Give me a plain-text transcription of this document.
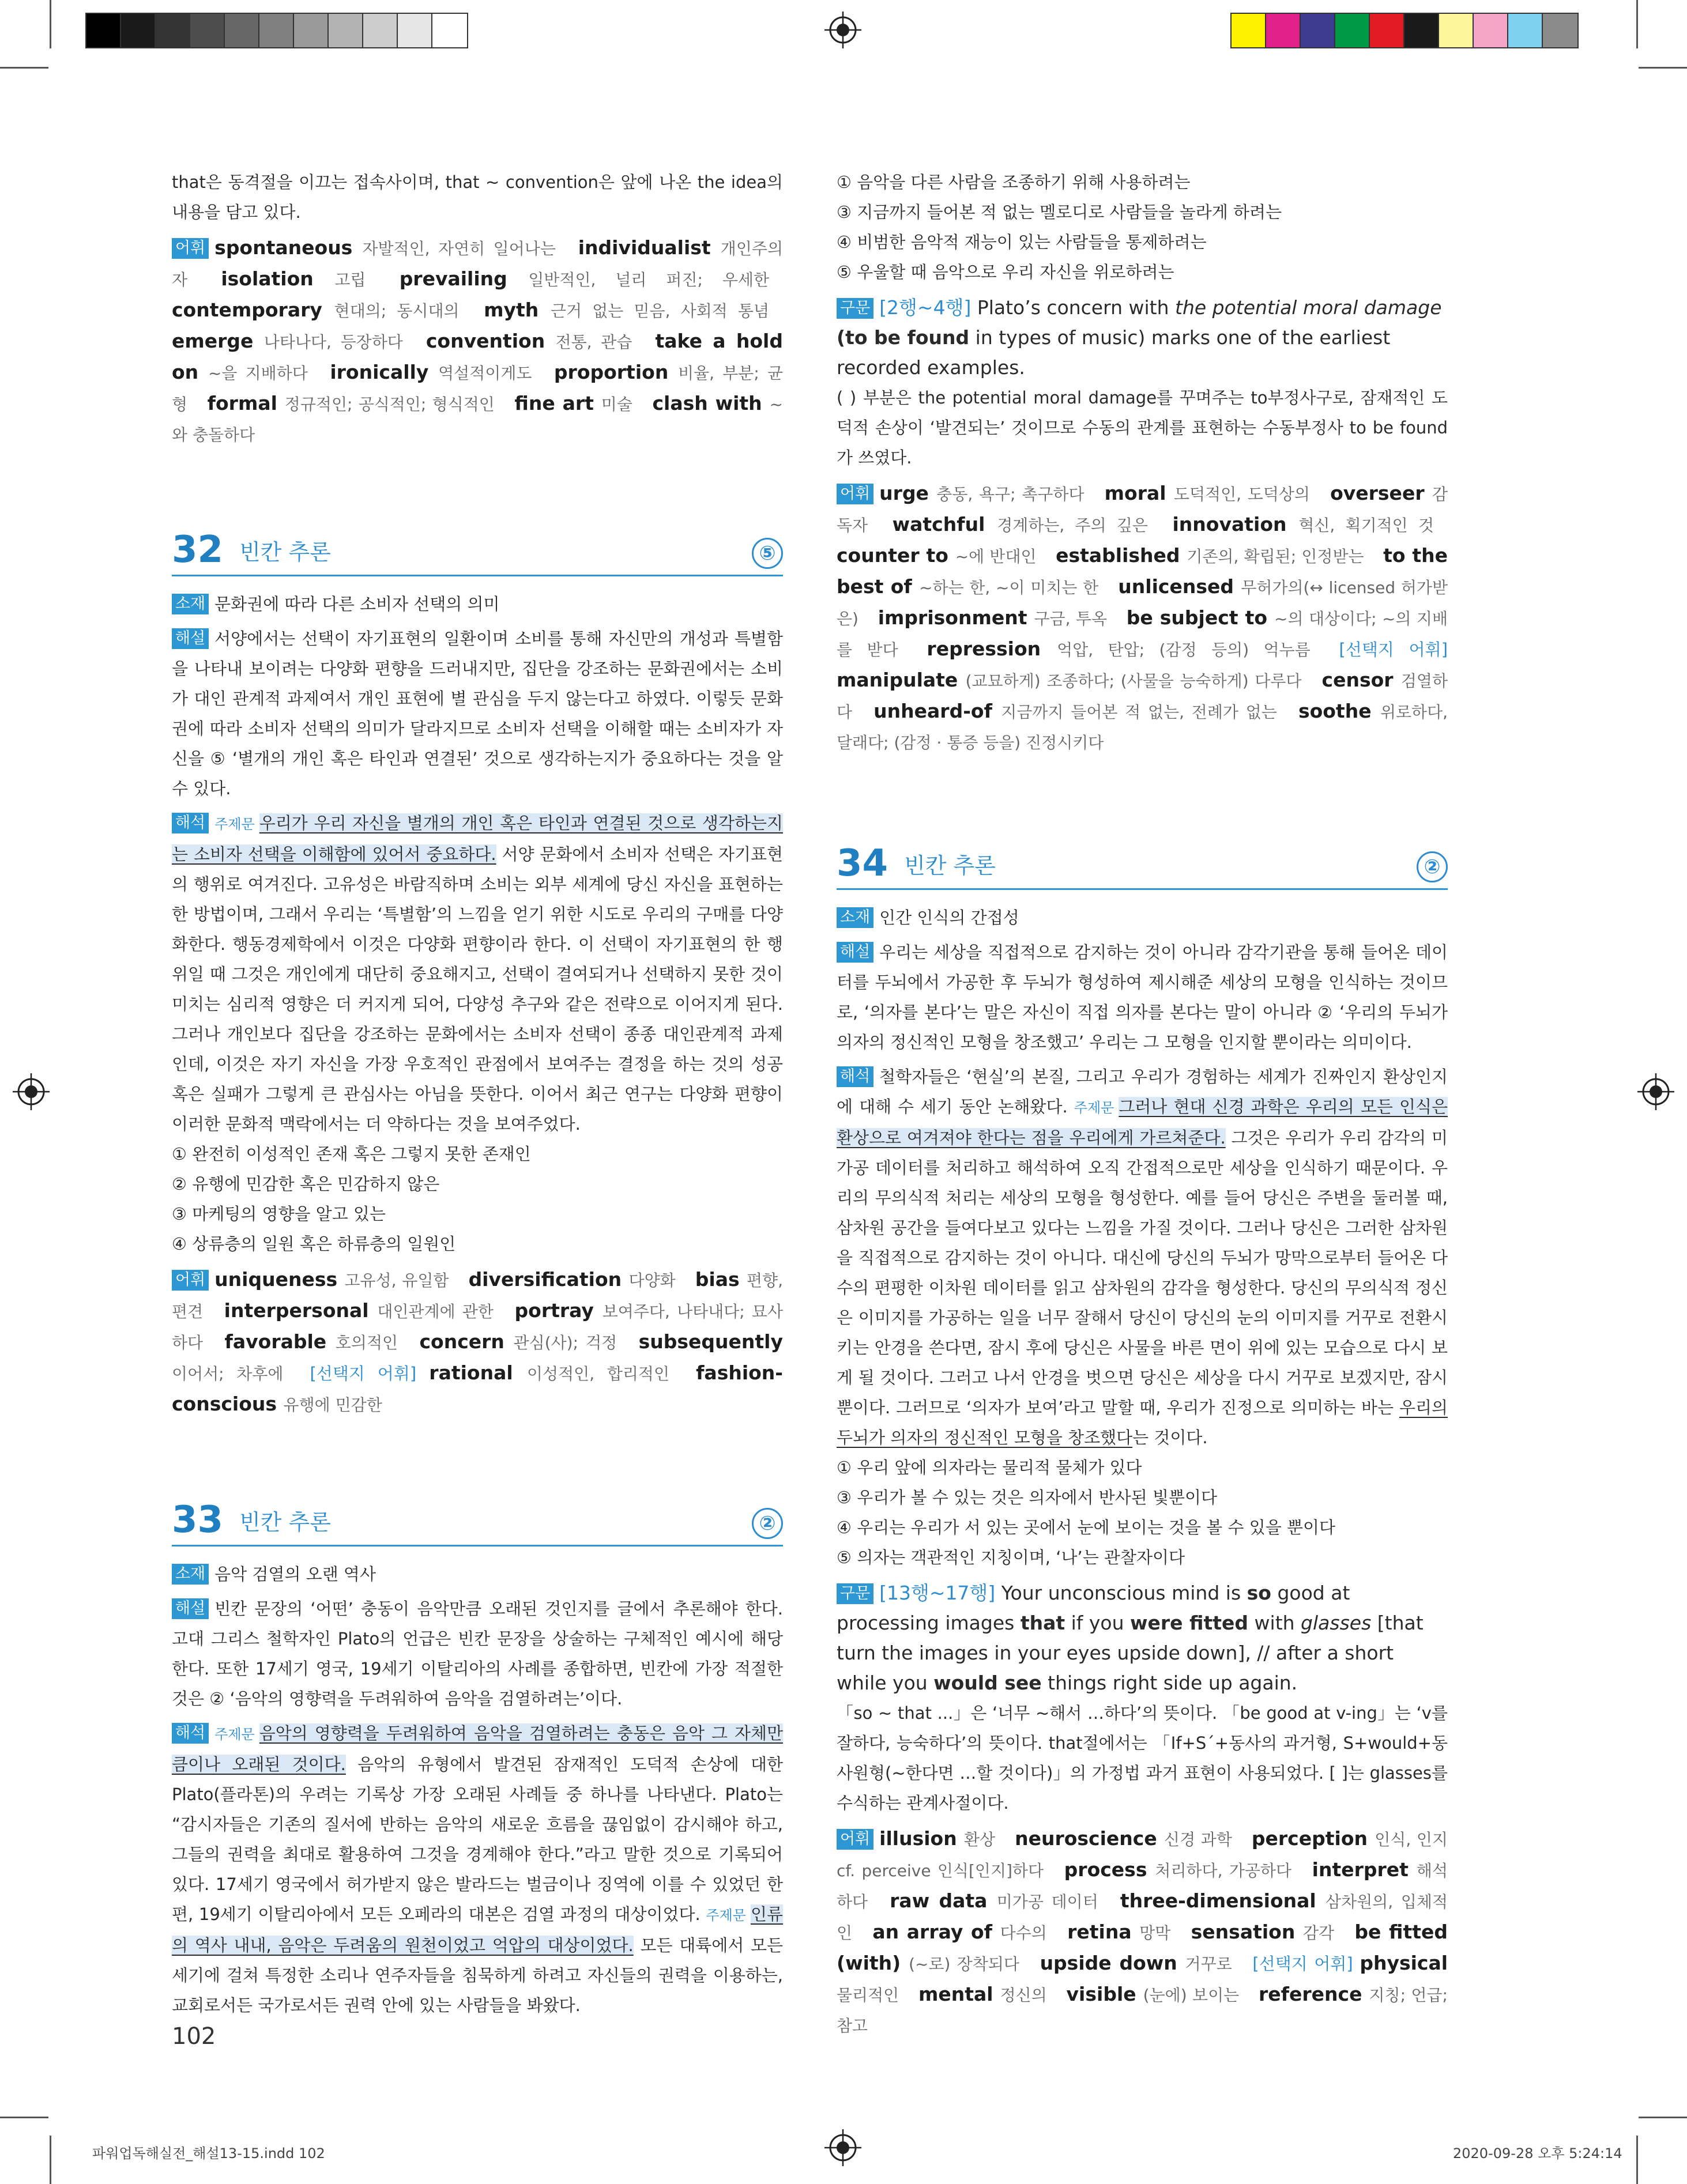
that은 동격절을 이끄는 접속사이며, that ~ convention은 앞에 나온 the idea의 내용을 담고 있다.

어휘 spontaneous 자발적인, 자연히 일어나는 individualist 개인주의자 isolation 고립 prevailing 일반적인, 널리 퍼진; 우세한 contemporary 현대의; 동시대의 myth 근거 없는 믿음, 사회적 통념 emerge 나타나다, 등장하다 convention 전통, 관습 take a hold on ~을 지배하다 ironically 역설적이게도 proportion 비율, 부분; 균형 formal 정규적인; 공식적인; 형식적인 fine art 미술 clash with ~와 충돌하다
32 빈칸 추론	⑤

소재 문화권에 따라 다른 소비자 선택의 의미

해설 서양에서는 선택이 자기표현의 일환이며 소비를 통해 자신만의 개성과 특별함을 나타내 보이려는 다양화 편향을 드러내지만, 집단을 강조하는 문화권에서는 소비가 대인 관계적 과제여서 개인 표현에 별 관심을 두지 않는다고 하였다. 이렇듯 문화권에 따라 소비자 선택의 의미가 달라지므로 소비자 선택을 이해할 때는 소비자가 자신을 ⑤ ‘별개의 개인 혹은 타인과 연결된’ 것으로 생각하는지가 중요하다는 것을 알 수 있다.

해석 주제문 우리가 우리 자신을 별개의 개인 혹은 타인과 연결된 것으로 생각하는지는 소비자 선택을 이해함에 있어서 중요하다. 서양 문화에서 소비자 선택은 자기표현의 행위로 여겨진다. 고유성은 바람직하며 소비는 외부 세계에 당신 자신을 표현하는 한 방법이며, 그래서 우리는 ‘특별함’의 느낌을 얻기 위한 시도로 우리의 구매를 다양화한다. 행동경제학에서 이것은 다양화 편향이라 한다. 이 선택이 자기표현의 한 행위일 때 그것은 개인에게 대단히 중요해지고, 선택이 결여되거나 선택하지 못한 것이 미치는 심리적 영향은 더 커지게 되어, 다양성 추구와 같은 전략으로 이어지게 된다. 그러나 개인보다 집단을 강조하는 문화에서는 소비자 선택이 종종 대인관계적 과제인데, 이것은 자기 자신을 가장 우호적인 관점에서 보여주는 결정을 하는 것의 성공 혹은 실패가 그렇게 큰 관심사는 아님을 뜻한다. 이어서 최근 연구는 다양화 편향이 이러한 문화적 맥락에서는 더 약하다는 것을 보여주었다.

① 완전히 이성적인 존재 혹은 그렇지 못한 존재인

② 유행에 민감한 혹은 민감하지 않은

③ 마케팅의 영향을 알고 있는

④ 상류층의 일원 혹은 하류층의 일원인

어휘 uniqueness 고유성, 유일함 diversification 다양화 bias 편향, 편견 interpersonal 대인관계에 관한 portray 보여주다, 나타내다; 묘사하다 favorable 호의적인 concern 관심(사); 걱정 subsequently 이어서; 차후에 [선택지 어휘] rational 이성적인, 합리적인 fashion-conscious 유행에 민감한
33 빈칸 추론	②

소재 음악 검열의 오랜 역사

해설 빈칸 문장의 ‘어떤’ 충동이 음악만큼 오래된 것인지를 글에서 추론해야 한다. 고대 그리스 철학자인 Plato의 언급은 빈칸 문장을 상술하는 구체적인 예시에 해당한다. 또한 17세기 영국, 19세기 이탈리아의 사례를 종합하면, 빈칸에 가장 적절한 것은 ② ‘음악의 영향력을 두려워하여 음악을 검열하려는’이다.

해석 주제문 음악의 영향력을 두려워하여 음악을 검열하려는 충동은 음악 그 자체만큼이나 오래된 것이다. 음악의 유형에서 발견된 잠재적인 도덕적 손상에 대한 Plato(플라톤)의 우려는 기록상 가장 오래된 사례들 중 하나를 나타낸다. Plato는 “감시자들은 기존의 질서에 반하는 음악의 새로운 흐름을 끊임없이 감시해야 하고, 그들의 권력을 최대로 활용하여 그것을 경계해야 한다.”라고 말한 것으로 기록되어 있다. 17세기 영국에서 허가받지 않은 발라드는 벌금이나 징역에 이를 수 있었던 한편, 19세기 이탈리아에서 모든 오페라의 대본은 검열 과정의 대상이었다. 주제문 인류의 역사 내내, 음악은 두려움의 원천이었고 억압의 대상이었다. 모든 대륙에서 모든 세기에 걸쳐 특정한 소리나 연주자들을 침묵하게 하려고 자신들의 권력을 이용하는, 교회로서든 국가로서든 권력 안에 있는 사람들을 봐왔다.

① 음악을 다른 사람을 조종하기 위해 사용하려는

③ 지금까지 들어본 적 없는 멜로디로 사람들을 놀라게 하려는

④ 비범한 음악적 재능이 있는 사람들을 통제하려는

⑤ 우울할 때 음악으로 우리 자신을 위로하려는

구문 [2행~4행] Plato’s concern with the potential moral damage (to be found in types of music) marks one of the earliest recorded examples.

( ) 부분은 the potential moral damage를 꾸며주는 to부정사구로, 잠재적인 도덕적 손상이 ‘발견되는’ 것이므로 수동의 관계를 표현하는 수동부정사 to be found가 쓰였다.

어휘 urge 충동, 욕구; 촉구하다 moral 도덕적인, 도덕상의 overseer 감독자 watchful 경계하는, 주의 깊은 innovation 혁신, 획기적인 것 counter to ~에 반대인 established 기존의, 확립된; 인정받는 to the best of ~하는 한, ~이 미치는 한 unlicensed 무허가의(↔ licensed 허가받은) imprisonment 구금, 투옥 be subject to ~의 대상이다; ~의 지배를 받다 repression 억압, 탄압; (감정 등의) 억누름 [선택지 어휘] manipulate (교묘하게) 조종하다; (사물을 능숙하게) 다루다 censor 검열하다 unheard-of 지금까지 들어본 적 없는, 전례가 없는 soothe 위로하다, 달래다; (감정 · 통증 등을) 진정시키다
34 빈칸 추론	②

소재 인간 인식의 간접성

해설 우리는 세상을 직접적으로 감지하는 것이 아니라 감각기관을 통해 들어온 데이터를 두뇌에서 가공한 후 두뇌가 형성하여 제시해준 세상의 모형을 인식하는 것이므로, ‘의자를 본다’는 말은 자신이 직접 의자를 본다는 말이 아니라 ② ‘우리의 두뇌가 의자의 정신적인 모형을 창조했고’ 우리는 그 모형을 인지할 뿐이라는 의미이다.

해석 철학자들은 ‘현실’의 본질, 그리고 우리가 경험하는 세계가 진짜인지 환상인지에 대해 수 세기 동안 논해왔다. 주제문 그러나 현대 신경 과학은 우리의 모든 인식은 환상으로 여겨져야 한다는 점을 우리에게 가르쳐준다. 그것은 우리가 우리 감각의 미가공 데이터를 처리하고 해석하여 오직 간접적으로만 세상을 인식하기 때문이다. 우리의 무의식적 처리는 세상의 모형을 형성한다. 예를 들어 당신은 주변을 둘러볼 때, 삼차원 공간을 들여다보고 있다는 느낌을 가질 것이다. 그러나 당신은 그러한 삼차원을 직접적으로 감지하는 것이 아니다. 대신에 당신의 두뇌가 망막으로부터 들어온 다수의 편평한 이차원 데이터를 읽고 삼차원의 감각을 형성한다. 당신의 무의식적 정신은 이미지를 가공하는 일을 너무 잘해서 당신이 당신의 눈의 이미지를 거꾸로 전환시키는 안경을 쓴다면, 잠시 후에 당신은 사물을 바른 면이 위에 있는 모습으로 다시 보게 될 것이다. 그러고 나서 안경을 벗으면 당신은 세상을 다시 거꾸로 보겠지만, 잠시뿐이다. 그러므로 ‘의자가 보여’라고 말할 때, 우리가 진정으로 의미하는 바는 우리의 두뇌가 의자의 정신적인 모형을 창조했다는 것이다.

① 우리 앞에 의자라는 물리적 물체가 있다

③ 우리가 볼 수 있는 것은 의자에서 반사된 빛뿐이다

④ 우리는 우리가 서 있는 곳에서 눈에 보이는 것을 볼 수 있을 뿐이다

⑤ 의자는 객관적인 지칭이며, ‘나’는 관찰자이다

구문 [13행~17행] Your unconscious mind is so good at processing images that if you were fitted with glasses [that turn the images in your eyes upside down], // after a short while you would see things right side up again.

「so ~ that ...」은 ‘너무 ~해서 …하다’의 뜻이다. 「be good at v-ing」는 ‘v를 잘하다, 능숙하다’의 뜻이다. that절에서는 「If+S´+동사의 과거형, S+would+동사원형(~한다면 …할 것이다)」의 가정법 과거 표현이 사용되었다. [ ]는 glasses를 수식하는 관계사절이다.

어휘 illusion 환상 neuroscience 신경 과학 perception 인식, 인지 cf. perceive 인식[인지]하다 process 처리하다, 가공하다 interpret 해석하다 raw data 미가공 데이터 three-dimensional 삼차원의, 입체적인 an array of 다수의 retina 망막 sensation 감각 be fitted (with) (~로) 장착되다 upside down 거꾸로 [선택지 어휘] physical 물리적인 mental 정신의 visible (눈에) 보이는 reference 지칭; 언급; 참고
102
파워업독해실전_해설13-15.indd 102	2020-09-28 오후 5:24:14
